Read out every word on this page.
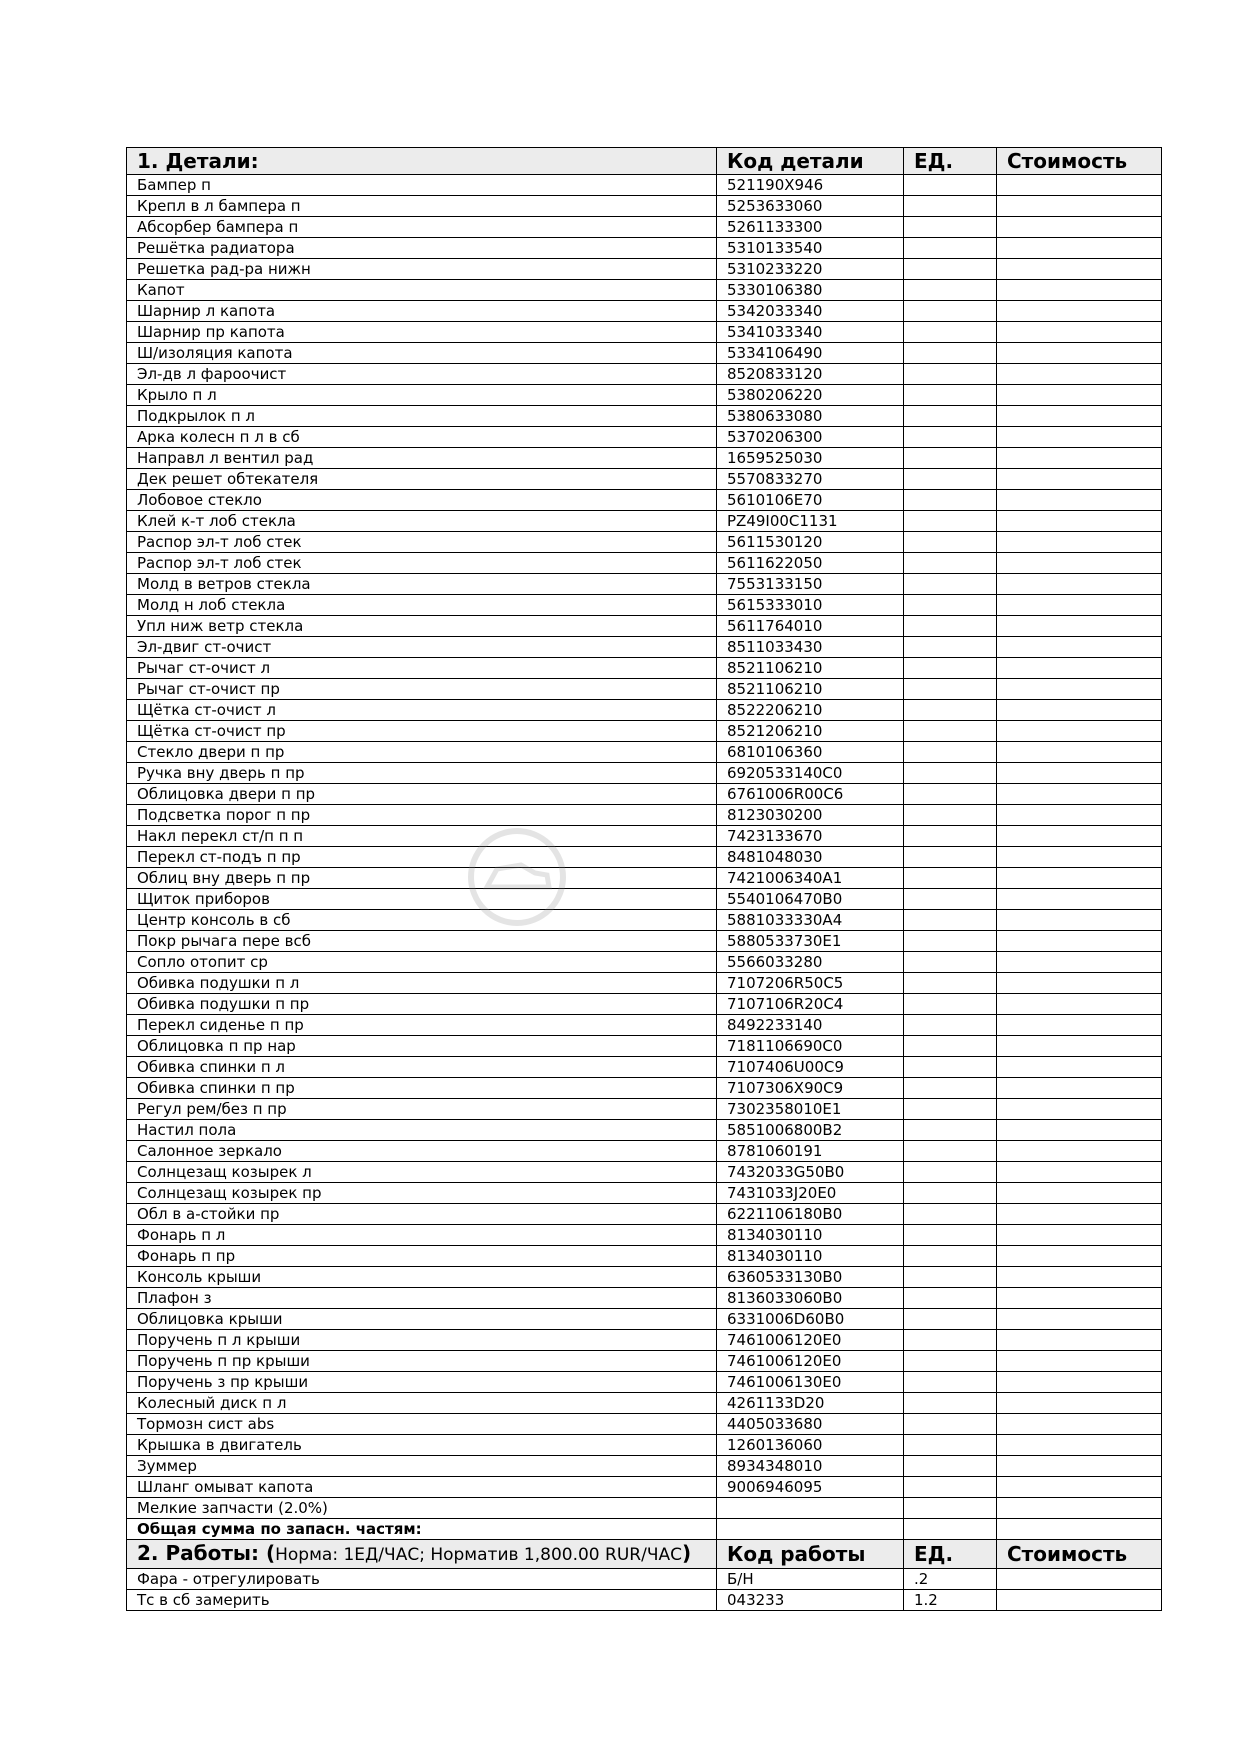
1. Детали:	Код детали	ЕД.	Стоимость
Бампер п	521190X946		
Крепл в л бампера п	5253633060		
Абсорбер бампера п	5261133300		
Решётка радиатора	5310133540		
Решетка рад-ра нижн	5310233220		
Капот	5330106380		
Шарнир л капота	5342033340		
Шарнир пр капота	5341033340		
Ш/изоляция капота	5334106490		
Эл-дв л фароочист	8520833120		
Крыло п л	5380206220		
Подкрылок п л	5380633080		
Арка колесн п л в сб	5370206300		
Направл л вентил рад	1659525030		
Дек решет обтекателя	5570833270		
Лобовое стекло	5610106E70		
Клей к-т лоб стекла	PZ49I00C1131		
Распор эл-т лоб стек	5611530120		
Распор эл-т лоб стек	5611622050		
Молд в ветров стекла	7553133150		
Молд н лоб стекла	5615333010		
Упл ниж ветр стекла	5611764010		
Эл-двиг ст-очист	8511033430		
Рычаг ст-очист л	8521106210		
Рычаг ст-очист пр	8521106210		
Щётка ст-очист л	8522206210		
Щётка ст-очист пр	8521206210		
Стекло двери п пр	6810106360		
Ручка вну дверь п пр	6920533140C0		
Облицовка двери п пр	6761006R00C6		
Подсветка порог п пр	8123030200		
Накл перекл ст/п п п	7423133670		
Перекл ст-подъ п пр	8481048030		
Облиц вну дверь п пр	7421006340A1		
Щиток приборов	5540106470B0		
Центр консоль в сб	5881033330A4		
Покр рычага пере всб	5880533730E1		
Сопло отопит ср	5566033280		
Обивка подушки п л	7107206R50C5		
Обивка подушки п пр	7107106R20C4		
Перекл сиденье п пр	8492233140		
Облицовка п пр нар	7181106690C0		
Обивка спинки п л	7107406U00C9		
Обивка спинки п пр	7107306X90C9		
Регул рем/без п пр	7302358010E1		
Настил пола	5851006800B2		
Салонное зеркало	8781060191		
Солнцезащ козырек л	7432033G50B0		
Солнцезащ козырек пр	7431033J20E0		
Обл в а-стойки пр	6221106180B0		
Фонарь п л	8134030110		
Фонарь п пр	8134030110		
Консоль крыши	6360533130B0		
Плафон з	8136033060B0		
Облицовка крыши	6331006D60B0		
Поручень п л крыши	7461006120E0		
Поручень п пр крыши	7461006120E0		
Поручень з пр крыши	7461006130E0		
Колесный диск п л	4261133D20		
Тормозн сист abs	4405033680		
Крышка в двигатель	1260136060		
Зуммер	8934348010		
Шланг омыват капота	9006946095		
Мелкие запчасти (2.0%)			
Общая сумма по запасн. частям:			
2. Работы: (Норма: 1ЕД/ЧАС; Норматив 1,800.00 RUR/ЧАС)	Код работы	ЕД.	Стоимость
Фара - отрегулировать	Б/Н	.2	
Тс в сб замерить	043233	1.2	
